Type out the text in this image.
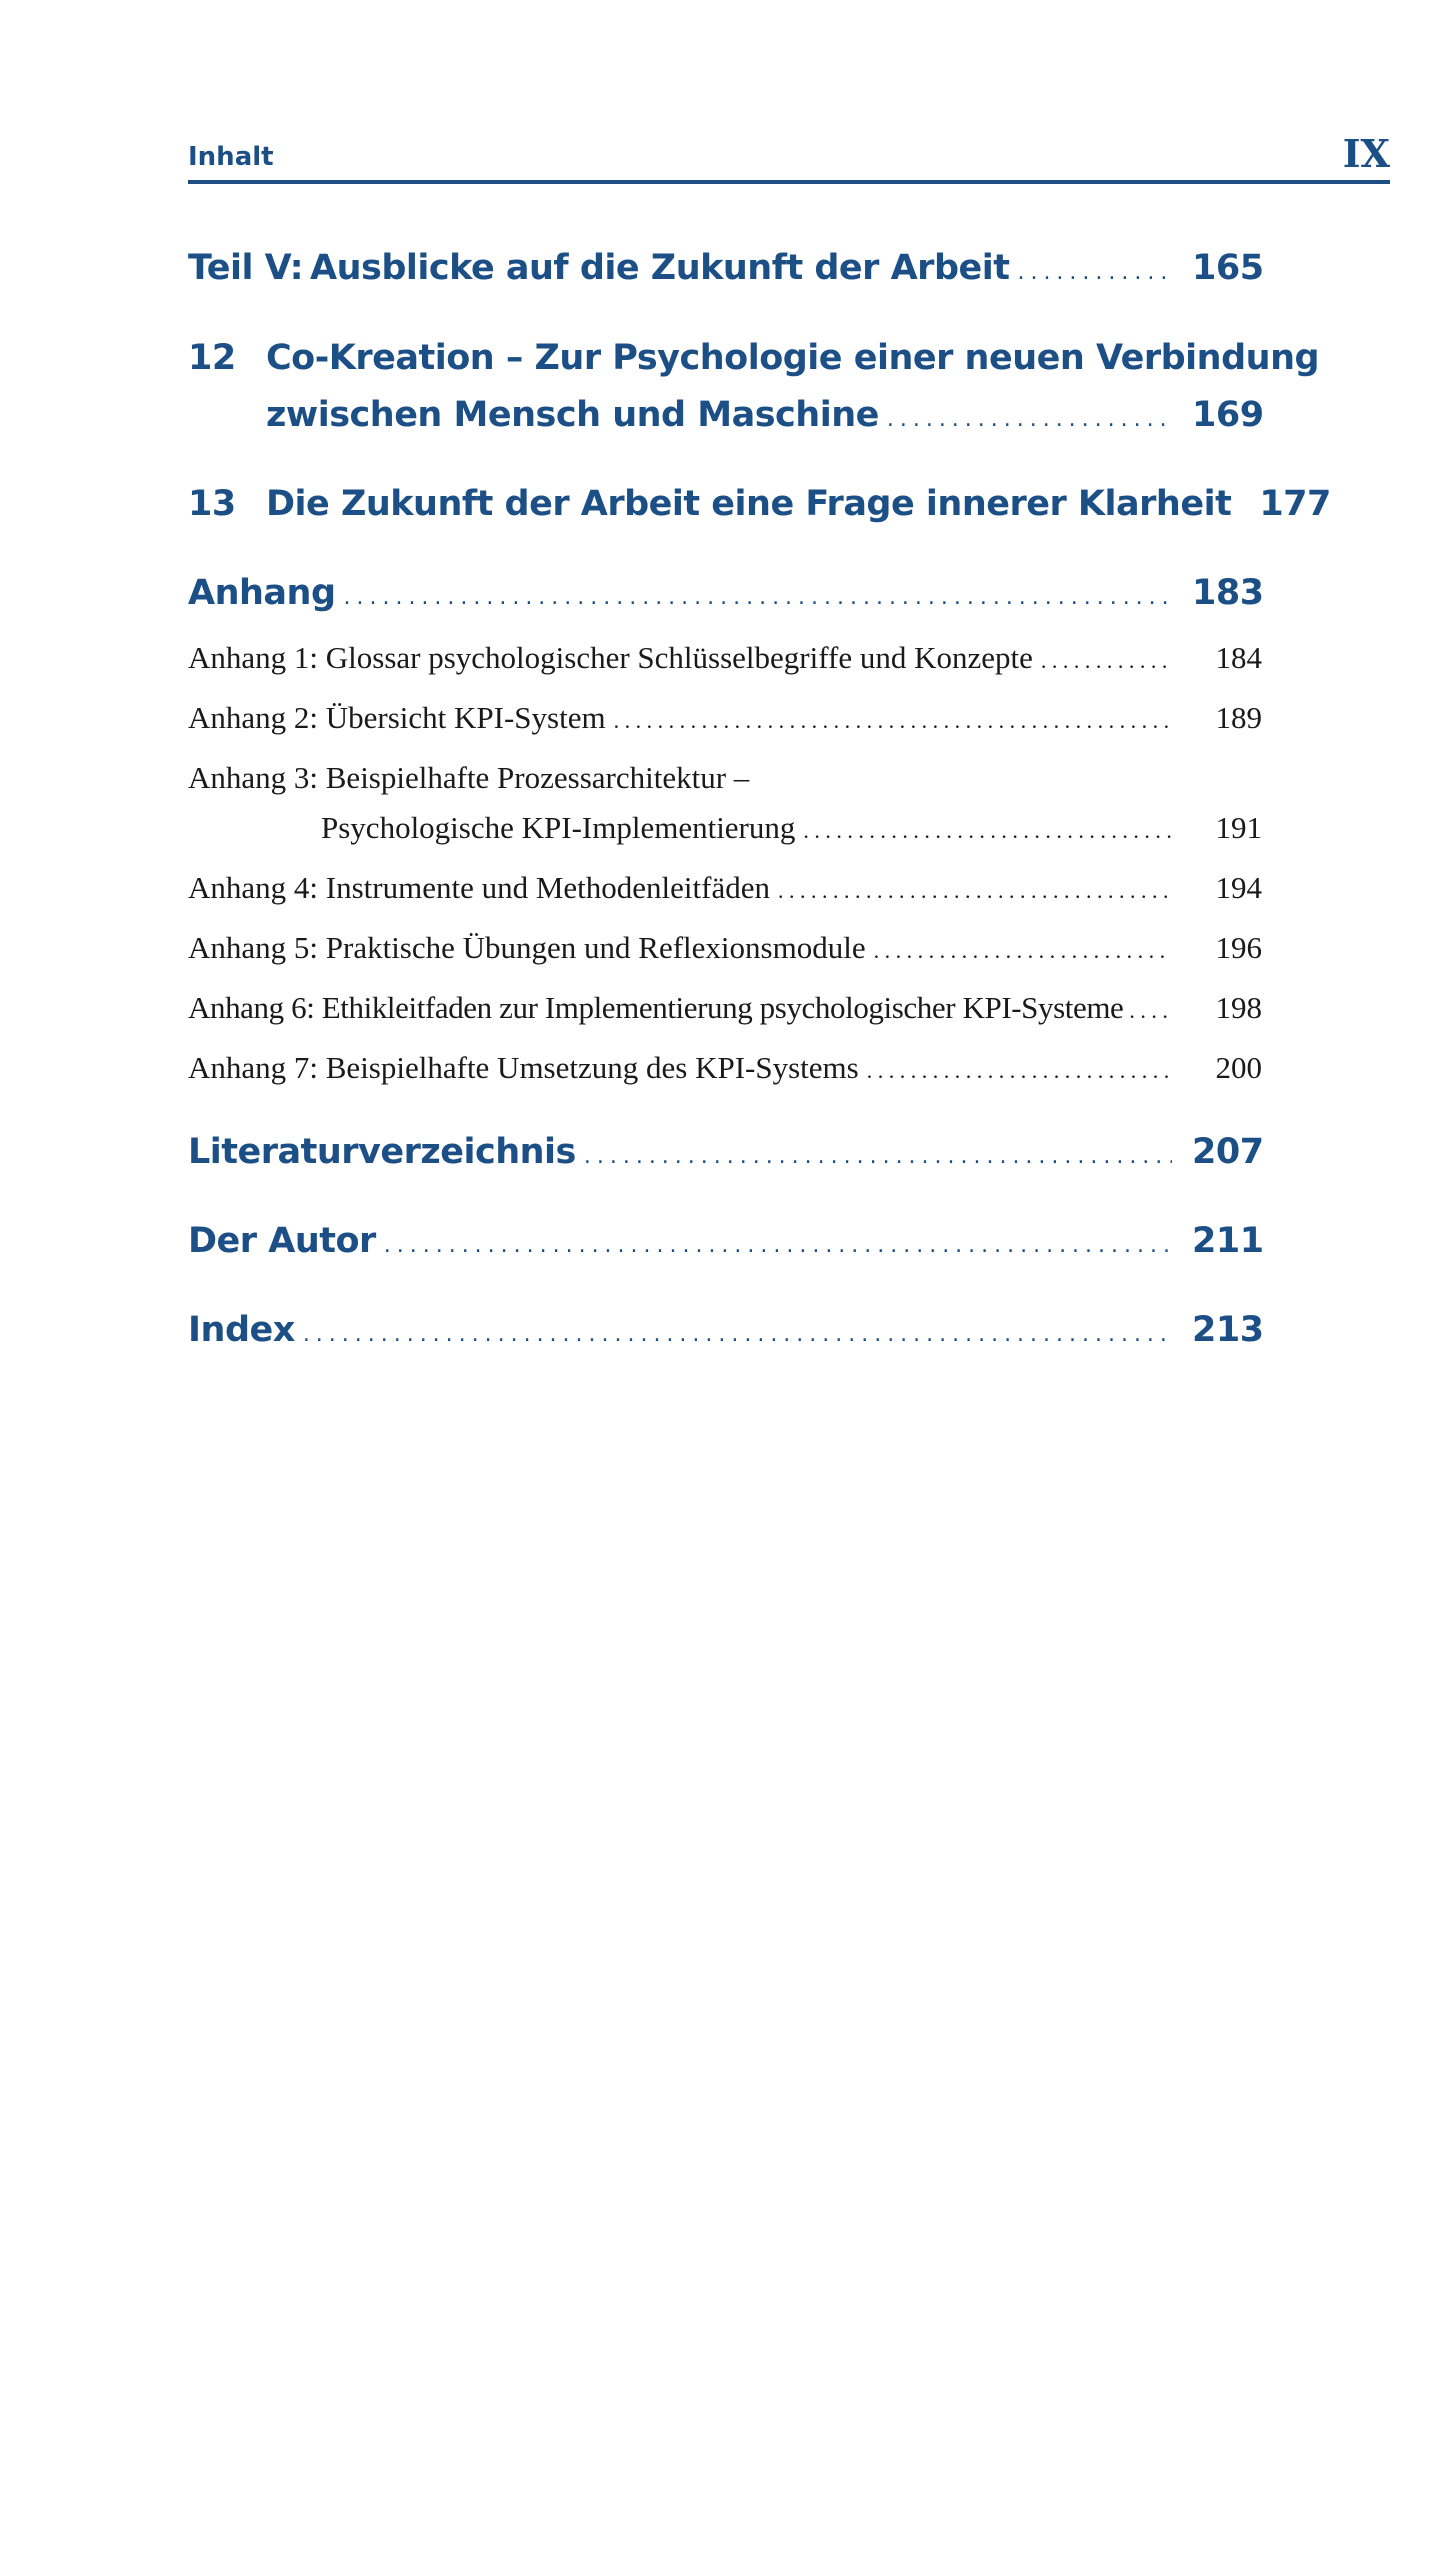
Inhalt	IX
Teil V: Ausblicke auf die Zukunft der Arbeit . . .	165
12 Co-Kreation – Zur Psychologie einer neuen Verbindung
zwischen Mensch und Maschine . . .	169
13 Die Zukunft der Arbeit eine Frage innerer Klarheit 177
Anhang . . .	183
Anhang 1: Glossar psychologischer Schlüsselbegriffe und Konzepte . . .	184
Anhang 2: Übersicht KPI-System . . .	189
Anhang 3: Beispielhafte Prozessarchitektur –
Psychologische KPI-Implementierung . . .	191
Anhang 4: Instrumente und Methodenleitfäden . . .	194
Anhang 5: Praktische Übungen und Reflexionsmodule . . .	196
Anhang 6: Ethikleitfaden zur Implementierung psychologischer KPI-Systeme . . .	198
Anhang 7: Beispielhafte Umsetzung des KPI-Systems . . .	200
Literaturverzeichnis . . .	207
Der Autor . . .	211
Index . . .	213
